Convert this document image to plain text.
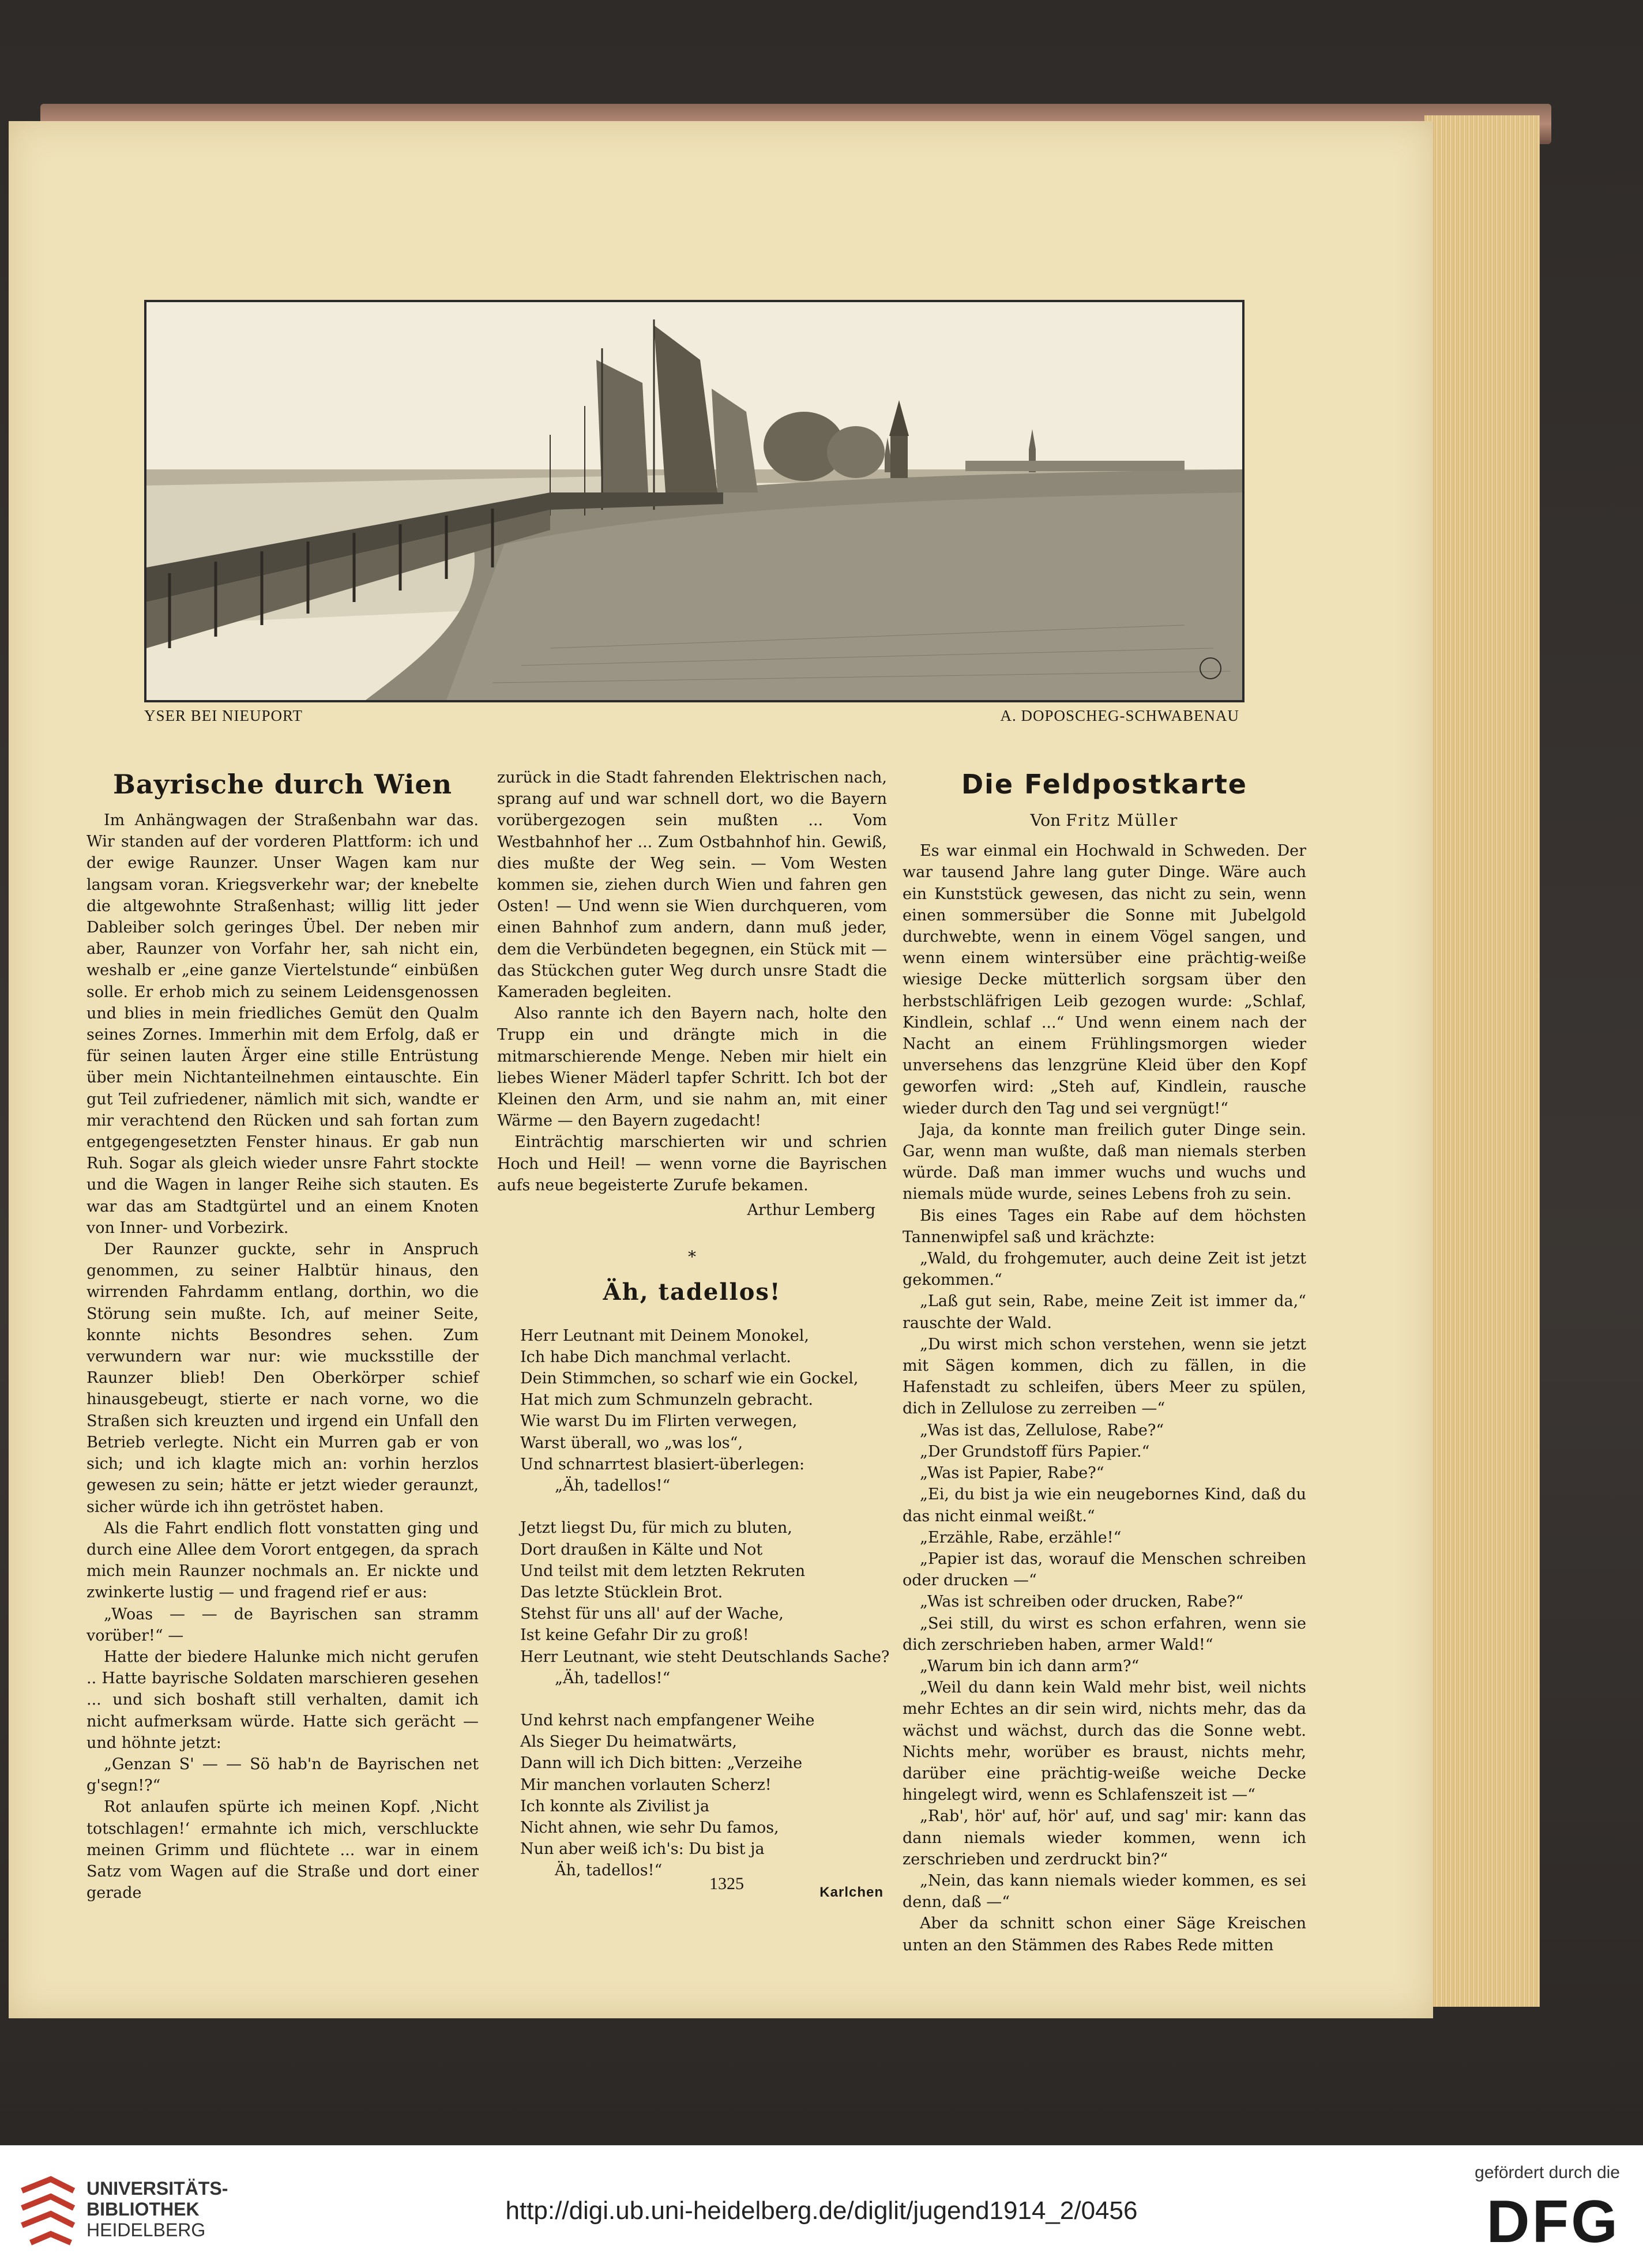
YSER BEI NIEUPORT	A. DOPOSCHEG-SCHWABENAU
Bayrische durch Wien

Im Anhängwagen der Straßenbahn war das. Wir standen auf der vorderen Plattform: ich und der ewige Raunzer. Unser Wagen kam nur langsam voran. Kriegsverkehr war; der knebelte die altgewohnte Straßenhast; willig litt jeder Dableiber solch geringes Übel. Der neben mir aber, Raunzer von Vorfahr her, sah nicht ein, weshalb er „eine ganze Viertelstunde“ einbüßen solle. Er erhob mich zu seinem Leidensgenossen und blies in mein friedliches Gemüt den Qualm seines Zornes. Immerhin mit dem Erfolg, daß er für seinen lauten Ärger eine stille Entrüstung über mein Nichtanteilnehmen eintauschte. Ein gut Teil zufriedener, nämlich mit sich, wandte er mir verachtend den Rücken und sah fortan zum entgegengesetzten Fenster hinaus. Er gab nun Ruh. Sogar als gleich wieder unsre Fahrt stockte und die Wagen in langer Reihe sich stauten. Es war das am Stadtgürtel und an einem Knoten von Inner- und Vorbezirk.

Der Raunzer guckte, sehr in Anspruch genommen, zu seiner Halbtür hinaus, den wirrenden Fahrdamm entlang, dorthin, wo die Störung sein mußte. Ich, auf meiner Seite, konnte nichts Besondres sehen. Zum verwundern war nur: wie mucksstille der Raunzer blieb! Den Oberkörper schief hinausgebeugt, stierte er nach vorne, wo die Straßen sich kreuzten und irgend ein Unfall den Betrieb verlegte. Nicht ein Murren gab er von sich; und ich klagte mich an: vorhin herzlos gewesen zu sein; hätte er jetzt wieder geraunzt, sicher würde ich ihn getröstet haben.

Als die Fahrt endlich flott vonstatten ging und durch eine Allee dem Vorort entgegen, da sprach mich mein Raunzer nochmals an. Er nickte und zwinkerte lustig — und fragend rief er aus:

„Woas — — de Bayrischen san stramm vorüber!“ —

Hatte der biedere Halunke mich nicht gerufen .. Hatte bayrische Soldaten marschieren gesehen ... und sich boshaft still verhalten, damit ich nicht aufmerksam würde. Hatte sich gerächt — und höhnte jetzt:

„Genzan S' — — Sö hab'n de Bayrischen net g'segn!?“

Rot anlaufen spürte ich meinen Kopf. ‚Nicht totschlagen!‘ ermahnte ich mich, verschluckte meinen Grimm und flüchtete ... war in einem Satz vom Wagen auf die Straße und dort einer gerade

zurück in die Stadt fahrenden Elektrischen nach, sprang auf und war schnell dort, wo die Bayern vorübergezogen sein mußten ... Vom Westbahnhof her ... Zum Ostbahnhof hin. Gewiß, dies mußte der Weg sein. — Vom Westen kommen sie, ziehen durch Wien und fahren gen Osten! — Und wenn sie Wien durchqueren, vom einen Bahnhof zum andern, dann muß jeder, dem die Verbündeten begegnen, ein Stück mit — das Stückchen guter Weg durch unsre Stadt die Kameraden begleiten.

Also rannte ich den Bayern nach, holte den Trupp ein und drängte mich in die mitmarschierende Menge. Neben mir hielt ein liebes Wiener Mäderl tapfer Schritt. Ich bot der Kleinen den Arm, und sie nahm an, mit einer Wärme — den Bayern zugedacht!

Einträchtig marschierten wir und schrien Hoch und Heil! — wenn vorne die Bayrischen aufs neue begeisterte Zurufe bekamen.

Arthur Lemberg
*
Äh, tadellos!
Herr Leutnant mit Deinem Monokel,
Ich habe Dich manchmal verlacht.
Dein Stimmchen, so scharf wie ein Gockel,
Hat mich zum Schmunzeln gebracht.
Wie warst Du im Flirten verwegen,
Warst überall, wo „was los“,
Und schnarrtest blasiert-überlegen:
„Äh, tadellos!“
Jetzt liegst Du, für mich zu bluten,
Dort draußen in Kälte und Not
Und teilst mit dem letzten Rekruten
Das letzte Stücklein Brot.
Stehst für uns all' auf der Wache,
Ist keine Gefahr Dir zu groß!
Herr Leutnant, wie steht Deutschlands Sache?
„Äh, tadellos!“
Und kehrst nach empfangener Weihe
Als Sieger Du heimatwärts,
Dann will ich Dich bitten: „Verzeihe
Mir manchen vorlauten Scherz!
Ich konnte als Zivilist ja
Nicht ahnen, wie sehr Du famos,
Nun aber weiß ich's: Du bist ja
Äh, tadellos!“
Karlchen
Die Feldpostkarte
Von Fritz Müller

Es war einmal ein Hochwald in Schweden. Der war tausend Jahre lang guter Dinge. Wäre auch ein Kunststück gewesen, das nicht zu sein, wenn einen sommersüber die Sonne mit Jubelgold durchwebte, wenn in einem Vögel sangen, und wenn einem wintersüber eine prächtig-weiße wiesige Decke mütterlich sorgsam über den herbstschläfrigen Leib gezogen wurde: „Schlaf, Kindlein, schlaf ...“ Und wenn einem nach der Nacht an einem Frühlingsmorgen wieder unversehens das lenzgrüne Kleid über den Kopf geworfen wird: „Steh auf, Kindlein, rausche wieder durch den Tag und sei vergnügt!“

Jaja, da konnte man freilich guter Dinge sein. Gar, wenn man wußte, daß man niemals sterben würde. Daß man immer wuchs und wuchs und niemals müde wurde, seines Lebens froh zu sein.

Bis eines Tages ein Rabe auf dem höchsten Tannenwipfel saß und krächzte:

„Wald, du frohgemuter, auch deine Zeit ist jetzt gekommen.“

„Laß gut sein, Rabe, meine Zeit ist immer da,“ rauschte der Wald.

„Du wirst mich schon verstehen, wenn sie jetzt mit Sägen kommen, dich zu fällen, in die Hafenstadt zu schleifen, übers Meer zu spülen, dich in Zellulose zu zerreiben —“

„Was ist das, Zellulose, Rabe?“

„Der Grundstoff fürs Papier.“

„Was ist Papier, Rabe?“

„Ei, du bist ja wie ein neugebornes Kind, daß du das nicht einmal weißt.“

„Erzähle, Rabe, erzähle!“

„Papier ist das, worauf die Menschen schreiben oder drucken —“

„Was ist schreiben oder drucken, Rabe?“

„Sei still, du wirst es schon erfahren, wenn sie dich zerschrieben haben, armer Wald!“

„Warum bin ich dann arm?“

„Weil du dann kein Wald mehr bist, weil nichts mehr Echtes an dir sein wird, nichts mehr, das da wächst und wächst, durch das die Sonne webt. Nichts mehr, worüber es braust, nichts mehr, darüber eine prächtig-weiße weiche Decke hingelegt wird, wenn es Schlafenszeit ist —“

„Rab', hör' auf, hör' auf, und sag' mir: kann das dann niemals wieder kommen, wenn ich zerschrieben und zerdruckt bin?“

„Nein, das kann niemals wieder kommen, es sei denn, daß —“

Aber da schnitt schon einer Säge Kreischen unten an den Stämmen des Rabes Rede mitten

1325
UNIVERSITÄTS-
BIBLIOTHEK
HEIDELBERG
http://digi.ub.uni-heidelberg.de/diglit/jugend1914_2/0456
gefördert durch die
DFG
